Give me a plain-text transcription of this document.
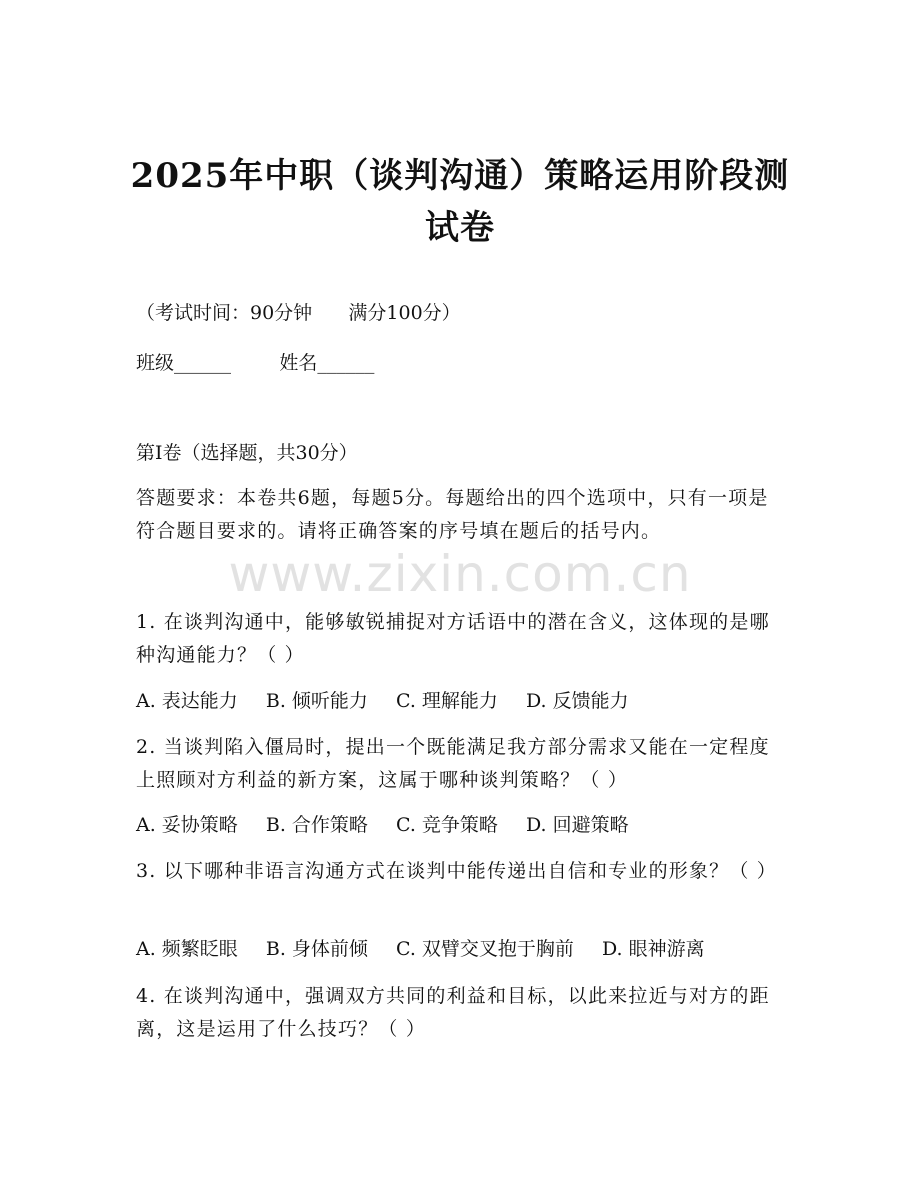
2025年中职（谈判沟通）策略运用阶段测试卷
（考试时间：90分钟      满分100分）
班级______        姓名______
第Ⅰ卷（选择题，共30分）
答题要求：本卷共6题，每题5分。每题给出的四个选项中，只有一项是符合题目要求的。请将正确答案的序号填在题后的括号内。
www.zixin.com.cn
1. 在谈判沟通中，能够敏锐捕捉对方话语中的潜在含义，这体现的是哪种沟通能力？（ ）
A. 表达能力 B. 倾听能力 C. 理解能力 D. 反馈能力
2. 当谈判陷入僵局时，提出一个既能满足我方部分需求又能在一定程度上照顾对方利益的新方案，这属于哪种谈判策略？（ ）
A. 妥协策略 B. 合作策略 C. 竞争策略 D. 回避策略
3. 以下哪种非语言沟通方式在谈判中能传递出自信和专业的形象？（ ）
A. 频繁眨眼 B. 身体前倾 C. 双臂交叉抱于胸前 D. 眼神游离
4. 在谈判沟通中，强调双方共同的利益和目标，以此来拉近与对方的距离，这是运用了什么技巧？（ ）
